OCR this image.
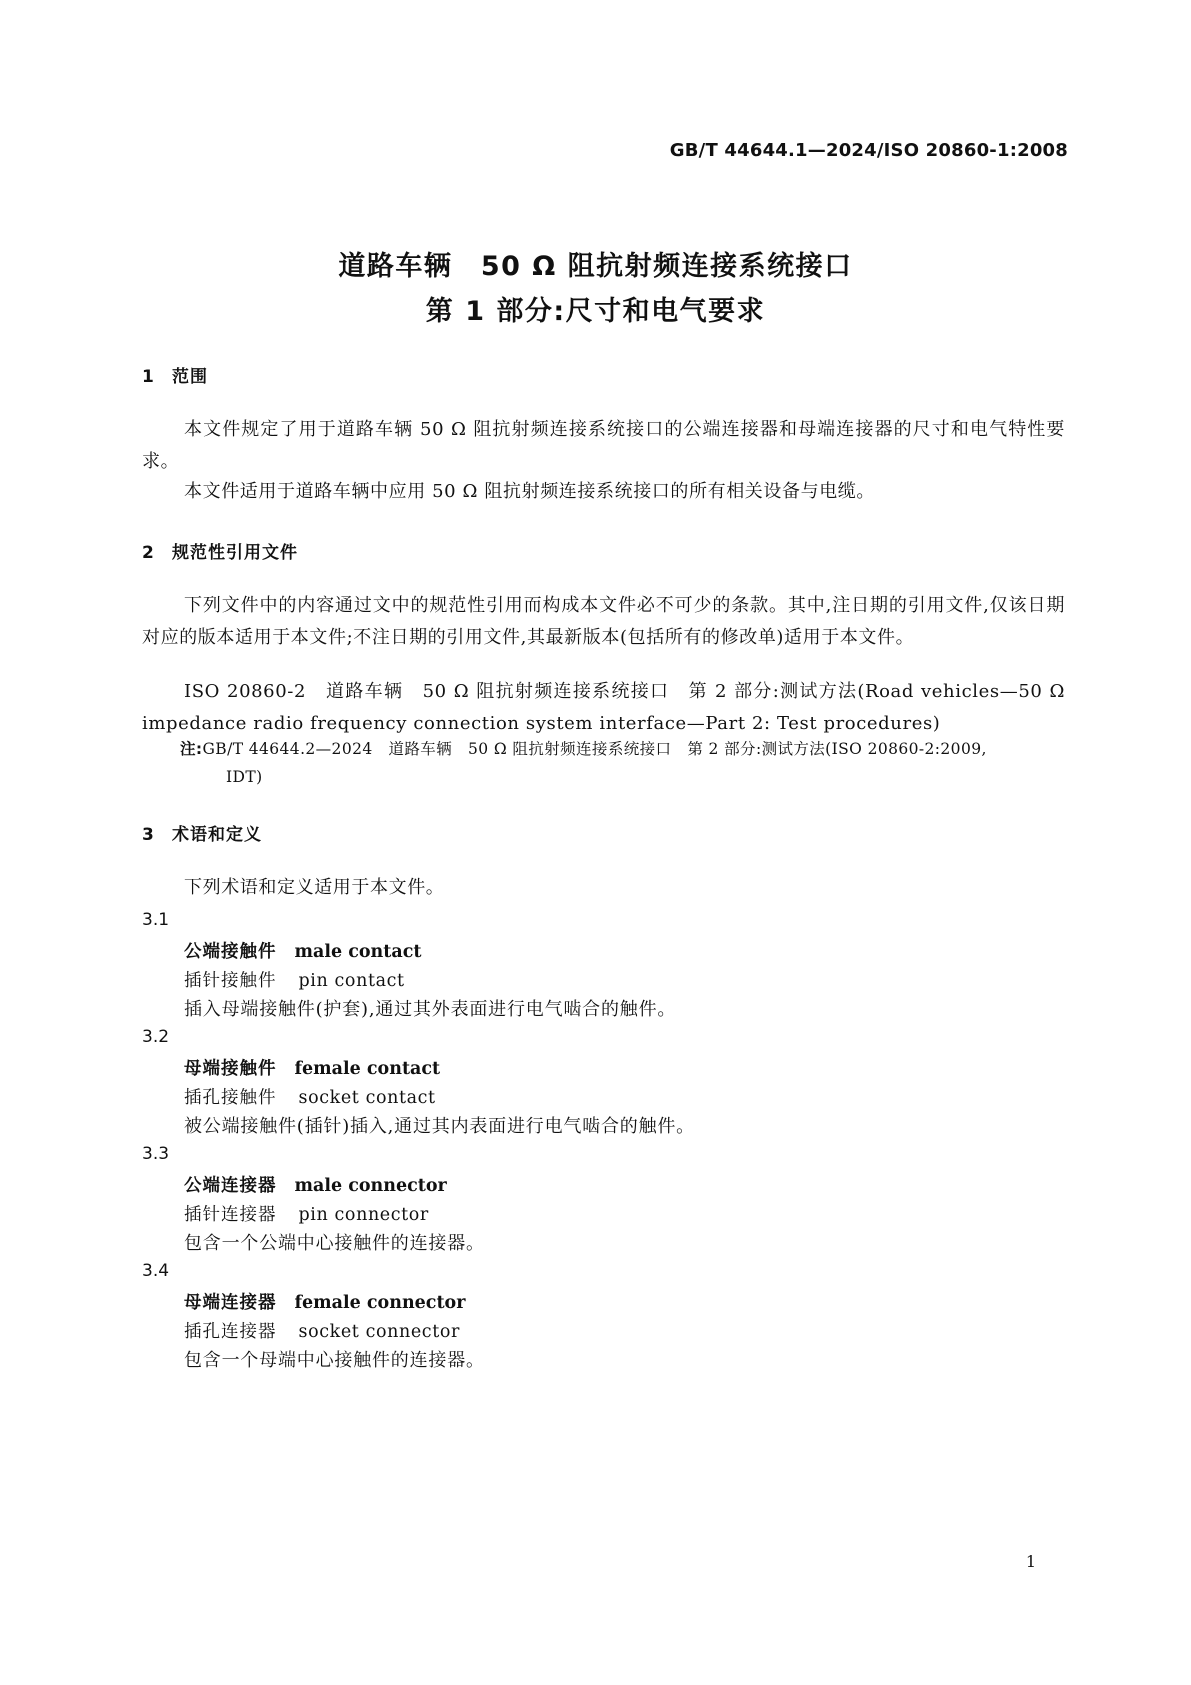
GB/T 44644.1—2024/ISO 20860-1:2008
道路车辆　50 Ω 阻抗射频连接系统接口
第 1 部分:尺寸和电气要求
1 范围
本文件规定了用于道路车辆 50 Ω 阻抗射频连接系统接口的公端连接器和母端连接器的尺寸和电气特性要求。
本文件适用于道路车辆中应用 50 Ω 阻抗射频连接系统接口的所有相关设备与电缆。
2 规范性引用文件
下列文件中的内容通过文中的规范性引用而构成本文件必不可少的条款。其中,注日期的引用文件,仅该日期对应的版本适用于本文件;不注日期的引用文件,其最新版本(包括所有的修改单)适用于本文件。
ISO 20860-2　道路车辆　50 Ω 阻抗射频连接系统接口　第 2 部分:测试方法(Road vehicles—50 Ω impedance radio frequency connection system interface—Part 2: Test procedures)
注:GB/T 44644.2—2024　道路车辆　50 Ω 阻抗射频连接系统接口　第 2 部分:测试方法(ISO 20860-2:2009,
IDT)
3 术语和定义
下列术语和定义适用于本文件。
3.1
公端接触件 male contact
插针接触件 pin contact
插入母端接触件(护套),通过其外表面进行电气啮合的触件。
3.2
母端接触件 female contact
插孔接触件 socket contact
被公端接触件(插针)插入,通过其内表面进行电气啮合的触件。
3.3
公端连接器 male connector
插针连接器 pin connector
包含一个公端中心接触件的连接器。
3.4
母端连接器 female connector
插孔连接器 socket connector
包含一个母端中心接触件的连接器。
1
